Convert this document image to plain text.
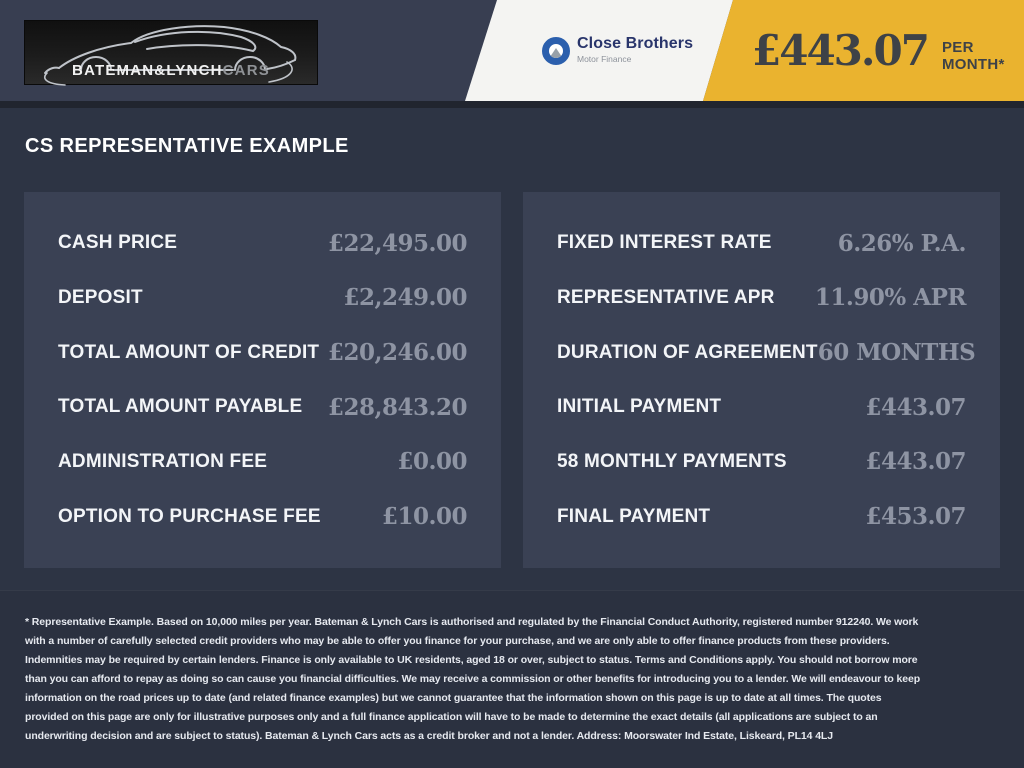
BATEMAN&LYNCHCARS
Close Brothers
Motor Finance	£443.07 PER MONTH*
CS REPRESENTATIVE EXAMPLE
CASH PRICE	£22,495.00
DEPOSIT	£2,249.00
TOTAL AMOUNT OF CREDIT £20,246.00
TOTAL AMOUNT PAYABLE £28,843.20
ADMINISTRATION FEE	£0.00
OPTION TO PURCHASE FEE	£10.00
FIXED INTEREST RATE	6.26% P.A.
REPRESENTATIVE APR 11.90% APR
DURATION OF AGREEMENT 60 MONTHS
INITIAL PAYMENT	£443.07
58 MONTHLY PAYMENTS	£443.07
FINAL PAYMENT	£453.07
* Representative Example. Based on 10,000 miles per year. Bateman & Lynch Cars is authorised and regulated by the Financial Conduct Authority, registered number 912240. We work with a number of carefully selected credit providers who may be able to offer you finance for your purchase, and we are only able to offer finance products from these providers. Indemnities may be required by certain lenders. Finance is only available to UK residents, aged 18 or over, subject to status. Terms and Conditions apply. You should not borrow more than you can afford to repay as doing so can cause you financial difficulties. We may receive a commission or other benefits for introducing you to a lender. We will endeavour to keep information on the road prices up to date (and related finance examples) but we cannot guarantee that the information shown on this page is up to date at all times. The quotes provided on this page are only for illustrative purposes only and a full finance application will have to be made to determine the exact details (all applications are subject to an underwriting decision and are subject to status). Bateman & Lynch Cars acts as a credit broker and not a lender. Address: Moorswater Ind Estate, Liskeard, PL14 4LJ
